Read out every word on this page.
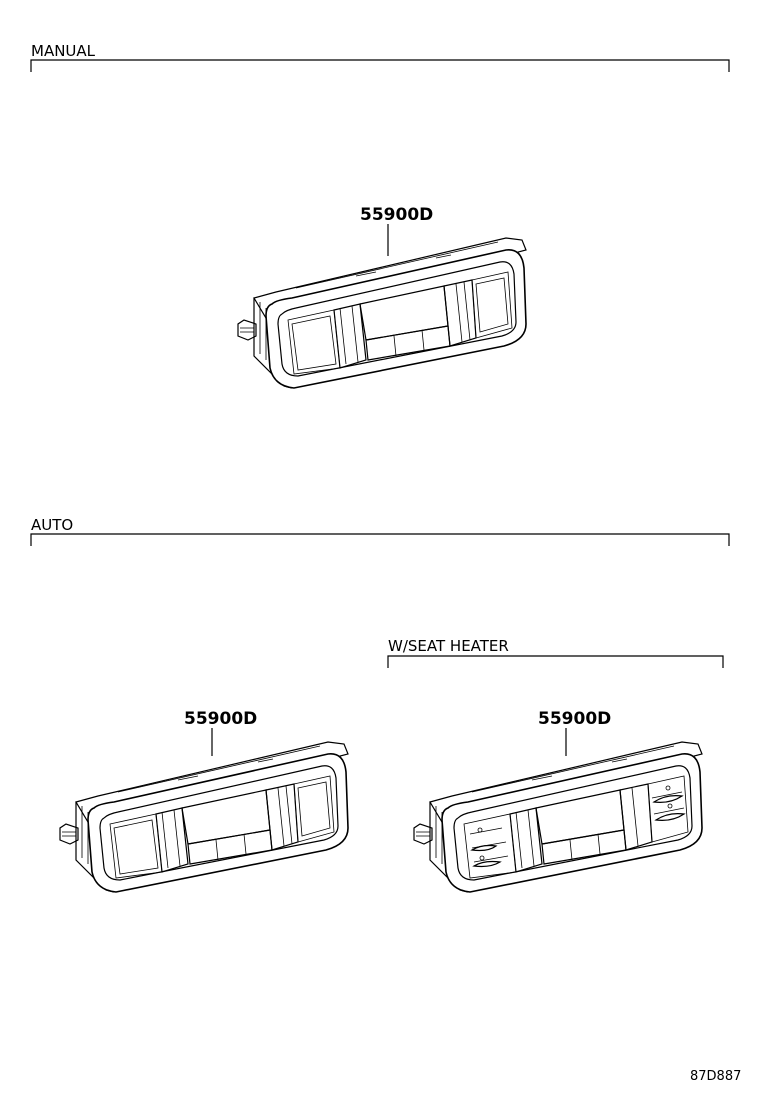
MANUAL
55900D
AUTO
55900D
W/SEAT HEATER
55900D
87D887
